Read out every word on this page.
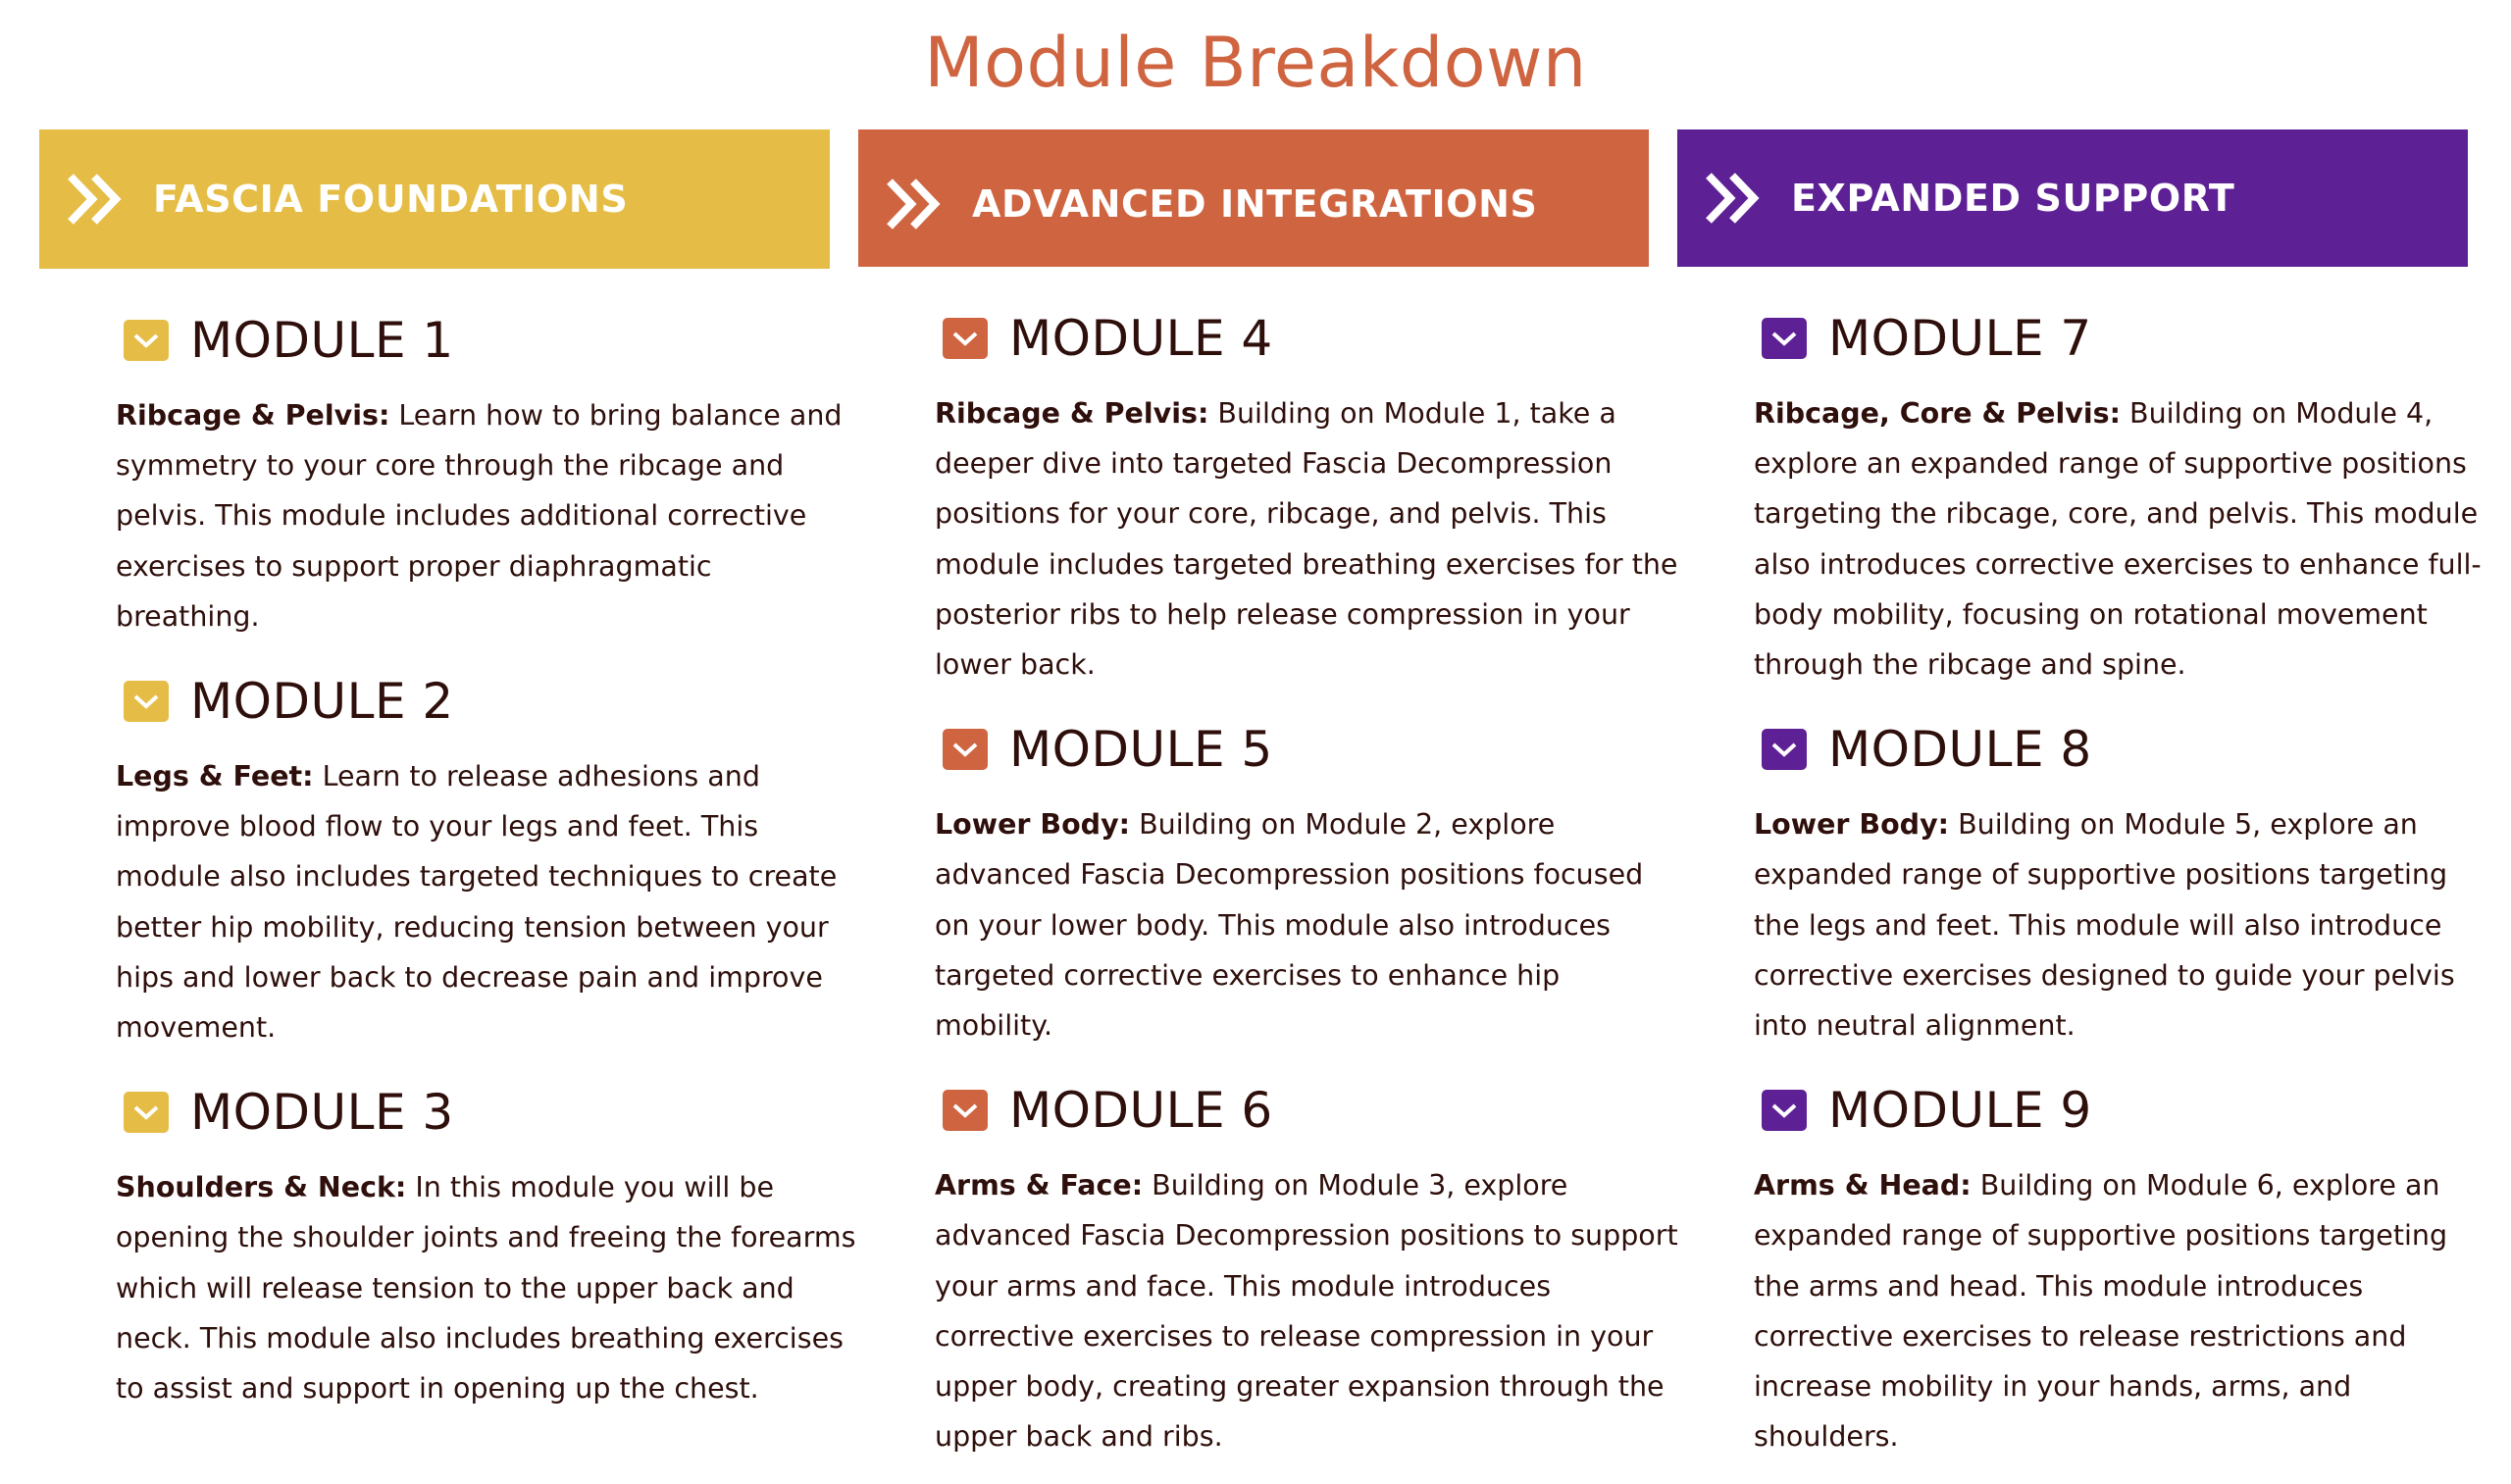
Module Breakdown
FASCIA FOUNDATIONS
MODULE 1

Ribcage & Pelvis: Learn how to bring balance and symmetry to your core through the ribcage and pelvis. This module includes additional corrective exercises to support proper diaphragmatic breathing.

MODULE 2

Legs & Feet: Learn to release adhesions and improve blood flow to your legs and feet. This module also includes targeted techniques to create better hip mobility, reducing tension between your hips and lower back to decrease pain and improve movement.

MODULE 3

Shoulders & Neck: In this module you will be opening the shoulder joints and freeing the forearms which will release tension to the upper back and neck. This module also includes breathing exercises to assist and support in opening up the chest.

ADVANCED INTEGRATIONS
MODULE 4

Ribcage & Pelvis: Building on Module 1, take a deeper dive into targeted Fascia Decompression positions for your core, ribcage, and pelvis. This module includes targeted breathing exercises for the posterior ribs to help release compression in your lower back.

MODULE 5

Lower Body: Building on Module 2, explore advanced Fascia Decompression positions focused on your lower body. This module also introduces targeted corrective exercises to enhance hip mobility.

MODULE 6

Arms & Face: Building on Module 3, explore advanced Fascia Decompression positions to support your arms and face. This module introduces corrective exercises to release compression in your upper body, creating greater expansion through the upper back and ribs.

EXPANDED SUPPORT
MODULE 7

Ribcage, Core & Pelvis: Building on Module 4, explore an expanded range of supportive positions targeting the ribcage, core, and pelvis. This module also introduces corrective exercises to enhance full-body mobility, focusing on rotational movement through the ribcage and spine.

MODULE 8

Lower Body: Building on Module 5, explore an expanded range of supportive positions targeting the legs and feet. This module will also introduce corrective exercises designed to guide your pelvis into neutral alignment.

MODULE 9

Arms & Head: Building on Module 6, explore an expanded range of supportive positions targeting the arms and head. This module introduces corrective exercises to release restrictions and increase mobility in your hands, arms, and shoulders.
